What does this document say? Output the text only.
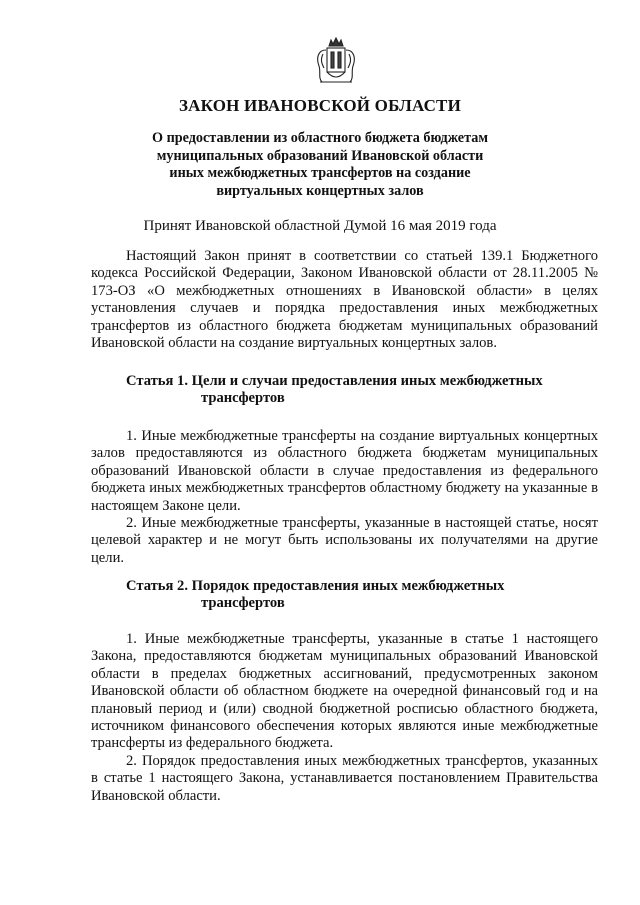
ЗАКОН ИВАНОВСКОЙ ОБЛАСТИ
О предоставлении из областного бюджета бюджетам
муниципальных образований Ивановской области
иных межбюджетных трансфертов на создание
виртуальных концертных залов
Принят Ивановской областной Думой 16 мая 2019 года
Настоящий Закон принят в соответствии со статьей 139.1 Бюджетного кодекса Российской Федерации, Законом Ивановской области от 28.11.2005 № 173-ОЗ «О межбюджетных отношениях в Ивановской области» в целях установления случаев и порядка предоставления иных межбюджетных трансфертов из областного бюджета бюджетам муниципальных образований Ивановской области на создание виртуальных концертных залов.
Статья 1. Цели и случаи предоставления иных межбюджетных
трансфертов
1. Иные межбюджетные трансферты на создание виртуальных концертных залов предоставляются из областного бюджета бюджетам муниципальных образований Ивановской области в случае предоставления из федерального бюджета иных межбюджетных трансфертов областному бюджету на указанные в настоящем Законе цели.
2. Иные межбюджетные трансферты, указанные в настоящей статье, носят целевой характер и не могут быть использованы их получателями на другие цели.
Статья 2. Порядок предоставления иных межбюджетных
трансфертов
1. Иные межбюджетные трансферты, указанные в статье 1 настоящего Закона, предоставляются бюджетам муниципальных образований Ивановской области в пределах бюджетных ассигнований, предусмотренных законом Ивановской области об областном бюджете на очередной финансовый год и на плановый период и (или) сводной бюджетной росписью областного бюджета, источником финансового обеспечения которых являются иные межбюджетные трансферты из федерального бюджета.
2. Порядок предоставления иных межбюджетных трансфертов, указанных в статье 1 настоящего Закона, устанавливается постановлением Правительства Ивановской области.
